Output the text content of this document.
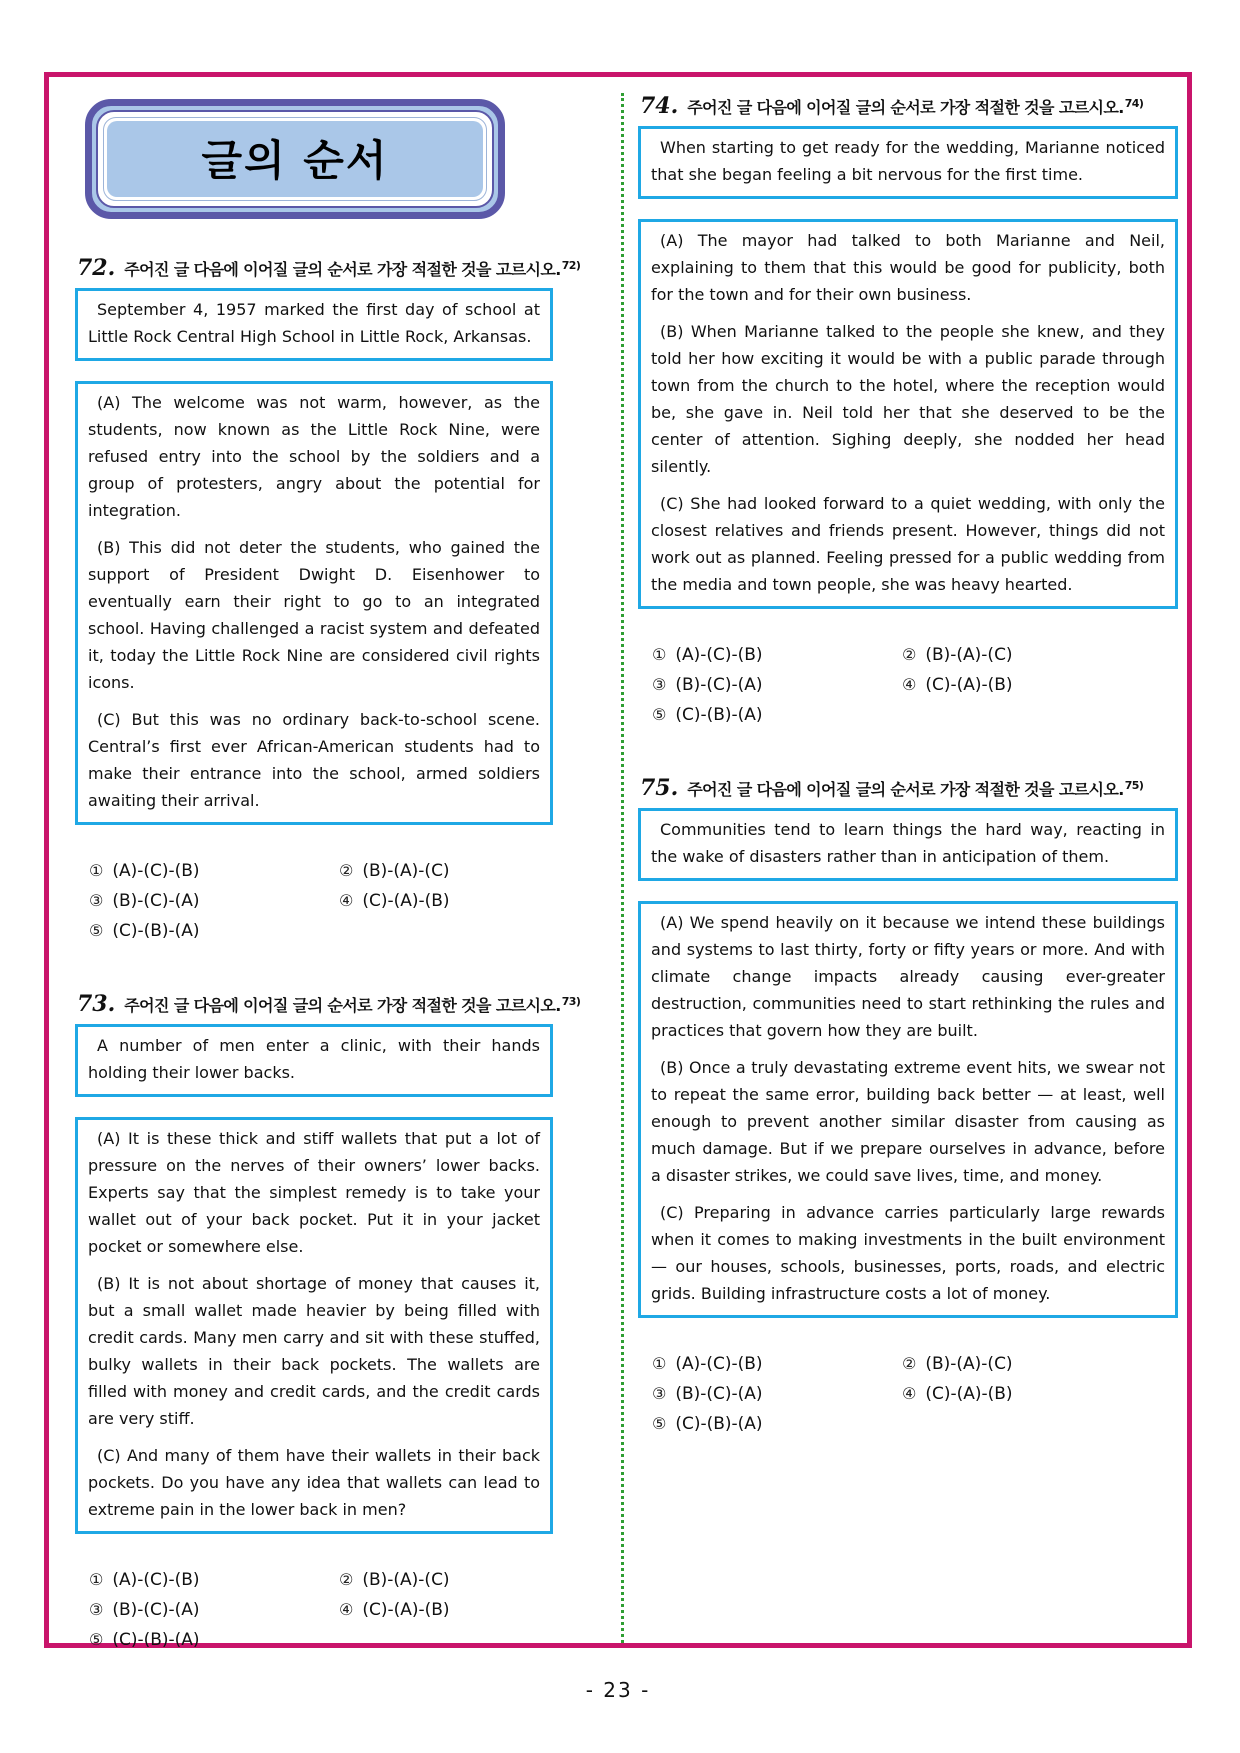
글의 순서
72. 주어진 글 다음에 이어질 글의 순서로 가장 적절한 것을 고르시오.$^{72)}$

September 4, 1957 marked the first day of school at Little Rock Central High School in Little Rock, Arkansas.

(A) The welcome was not warm, however, as the students, now known as the Little Rock Nine, were refused entry into the school by the soldiers and a group of protesters, angry about the potential for integration.

(B) This did not deter the students, who gained the support of President Dwight D. Eisenhower to eventually earn their right to go to an integrated school. Having challenged a racist system and defeated it, today the Little Rock Nine are considered civil rights icons.

(C) But this was no ordinary back-to-school scene. Central’s first ever African-American students had to make their entrance into the school, armed soldiers awaiting their arrival.

① (A)-(C)-(B)	② (B)-(A)-(C)
③ (B)-(C)-(A)	④ (C)-(A)-(B)
⑤ (C)-(B)-(A)
73. 주어진 글 다음에 이어질 글의 순서로 가장 적절한 것을 고르시오.$^{73)}$

A number of men enter a clinic, with their hands holding their lower backs.

(A) It is these thick and stiff wallets that put a lot of pressure on the nerves of their owners’ lower backs. Experts say that the simplest remedy is to take your wallet out of your back pocket. Put it in your jacket pocket or somewhere else.

(B) It is not about shortage of money that causes it, but a small wallet made heavier by being filled with credit cards. Many men carry and sit with these stuffed, bulky wallets in their back pockets. The wallets are filled with money and credit cards, and the credit cards are very stiff.

(C) And many of them have their wallets in their back pockets. Do you have any idea that wallets can lead to extreme pain in the lower back in men?

① (A)-(C)-(B)	② (B)-(A)-(C)
③ (B)-(C)-(A)	④ (C)-(A)-(B)
⑤ (C)-(B)-(A)
74. 주어진 글 다음에 이어질 글의 순서로 가장 적절한 것을 고르시오.$^{74)}$

When starting to get ready for the wedding, Marianne noticed that she began feeling a bit nervous for the first time.

(A) The mayor had talked to both Marianne and Neil, explaining to them that this would be good for publicity, both for the town and for their own business.

(B) When Marianne talked to the people she knew, and they told her how exciting it would be with a public parade through town from the church to the hotel, where the reception would be, she gave in. Neil told her that she deserved to be the center of attention. Sighing deeply, she nodded her head silently.

(C) She had looked forward to a quiet wedding, with only the closest relatives and friends present. However, things did not work out as planned. Feeling pressed for a public wedding from the media and town people, she was heavy hearted.

① (A)-(C)-(B)	② (B)-(A)-(C)
③ (B)-(C)-(A)	④ (C)-(A)-(B)
⑤ (C)-(B)-(A)
75. 주어진 글 다음에 이어질 글의 순서로 가장 적절한 것을 고르시오.$^{75)}$

Communities tend to learn things the hard way, reacting in the wake of disasters rather than in anticipation of them.

(A) We spend heavily on it because we intend these buildings and systems to last thirty, forty or fifty years or more. And with climate change impacts already causing ever-greater destruction, communities need to start rethinking the rules and practices that govern how they are built.

(B) Once a truly devastating extreme event hits, we swear not to repeat the same error, building back better — at least, well enough to prevent another similar disaster from causing as much damage. But if we prepare ourselves in advance, before a disaster strikes, we could save lives, time, and money.

(C) Preparing in advance carries particularly large rewards when it comes to making investments in the built environment — our houses, schools, businesses, ports, roads, and electric grids. Building infrastructure costs a lot of money.

① (A)-(C)-(B)	② (B)-(A)-(C)
③ (B)-(C)-(A)	④ (C)-(A)-(B)
⑤ (C)-(B)-(A)
- 23 -
